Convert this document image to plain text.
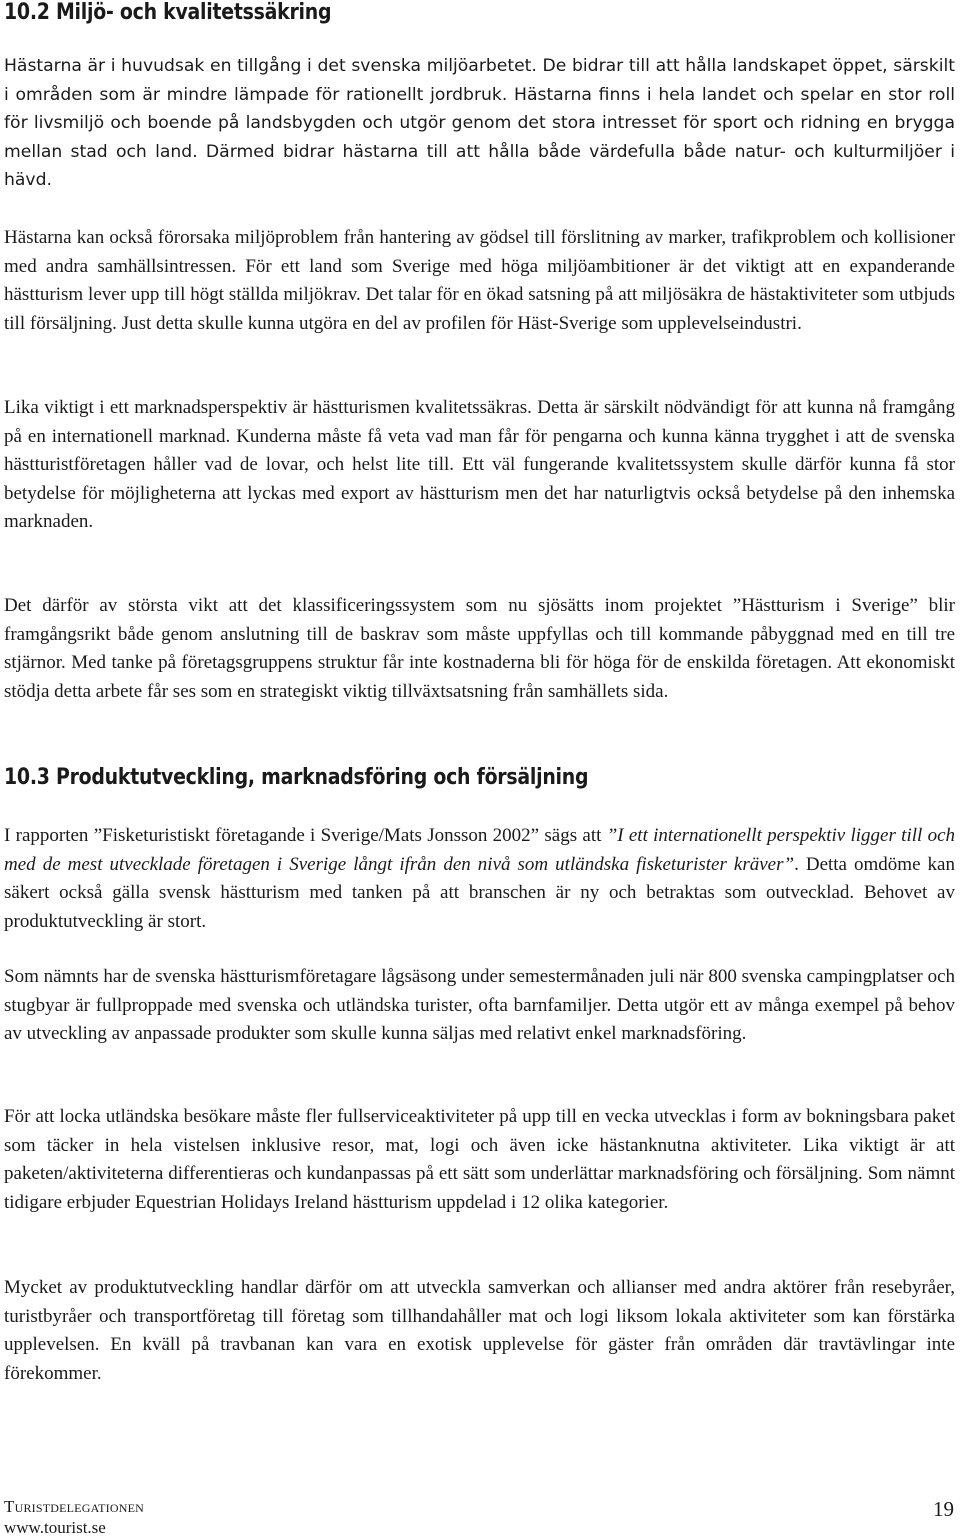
10.2 Miljö- och kvalitetssäkring

Hästarna är i huvudsak en tillgång i det svenska miljöarbetet. De bidrar till att hålla landskapet öppet, särskilt i områden som är mindre lämpade för rationellt jordbruk. Hästarna finns i hela landet och spelar en stor roll för livsmiljö och boende på landsbygden och utgör genom det stora intresset för sport och ridning en brygga mellan stad och land. Därmed bidrar hästarna till att hålla både värdefulla både natur- och kulturmiljöer i hävd.

Hästarna kan också förorsaka miljöproblem från hantering av gödsel till förslitning av marker, trafikproblem och kollisioner med andra samhällsintressen. För ett land som Sverige med höga miljöambitioner är det viktigt att en expanderande hästturism lever upp till högt ställda miljökrav. Det talar för en ökad satsning på att miljösäkra de hästaktiviteter som utbjuds till försäljning. Just detta skulle kunna utgöra en del av profilen för Häst-Sverige som upplevelseindustri.

Lika viktigt i ett marknadsperspektiv är hästturismen kvalitetssäkras. Detta är särskilt nödvändigt för att kunna nå framgång på en internationell marknad. Kunderna måste få veta vad man får för pengarna och kunna känna trygghet i att de svenska hästturistföretagen håller vad de lovar, och helst lite till. Ett väl fungerande kvalitetssystem skulle därför kunna få stor betydelse för möjligheterna att lyckas med export av hästturism men det har naturligtvis också betydelse på den inhemska marknaden.

Det därför av största vikt att det klassificeringssystem som nu sjösätts inom projektet ”Hästturism i Sverige” blir framgångsrikt både genom anslutning till de baskrav som måste uppfyllas och till kommande påbyggnad med en till tre stjärnor. Med tanke på företagsgruppens struktur får inte kostnaderna bli för höga för de enskilda företagen. Att ekonomiskt stödja detta arbete får ses som en strategiskt viktig tillväxtsatsning från samhällets sida.

10.3 Produktutveckling, marknadsföring och försäljning

I rapporten ”Fisketuristiskt företagande i Sverige/Mats Jonsson 2002” sägs att ”I ett internationellt perspektiv ligger till och med de mest utvecklade företagen i Sverige långt ifrån den nivå som utländska fisketurister kräver”. Detta omdöme kan säkert också gälla svensk hästturism med tanken på att branschen är ny och betraktas som outvecklad. Behovet av produktutveckling är stort.

Som nämnts har de svenska hästturismföretagare lågsäsong under semestermånaden juli när 800 svenska campingplatser och stugbyar är fullproppade med svenska och utländska turister, ofta barnfamiljer. Detta utgör ett av många exempel på behov av utveckling av anpassade produkter som skulle kunna säljas med relativt enkel marknadsföring.

För att locka utländska besökare måste fler fullserviceaktiviteter på upp till en vecka utvecklas i form av bokningsbara paket som täcker in hela vistelsen inklusive resor, mat, logi och även icke hästanknutna aktiviteter. Lika viktigt är att paketen/aktiviteterna differentieras och kundanpassas på ett sätt som underlättar marknadsföring och försäljning. Som nämnt tidigare erbjuder Equestrian Holidays Ireland hästturism uppdelad i 12 olika kategorier.

Mycket av produktutveckling handlar därför om att utveckla samverkan och allianser med andra aktörer från resebyråer, turistbyråer och transportföretag till företag som tillhandahåller mat och logi liksom lokala aktiviteter som kan förstärka upplevelsen. En kväll på travbanan kan vara en exotisk upplevelse för gäster från områden där travtävlingar inte förekommer.

Turistdelegationen
www.tourist.se
19
